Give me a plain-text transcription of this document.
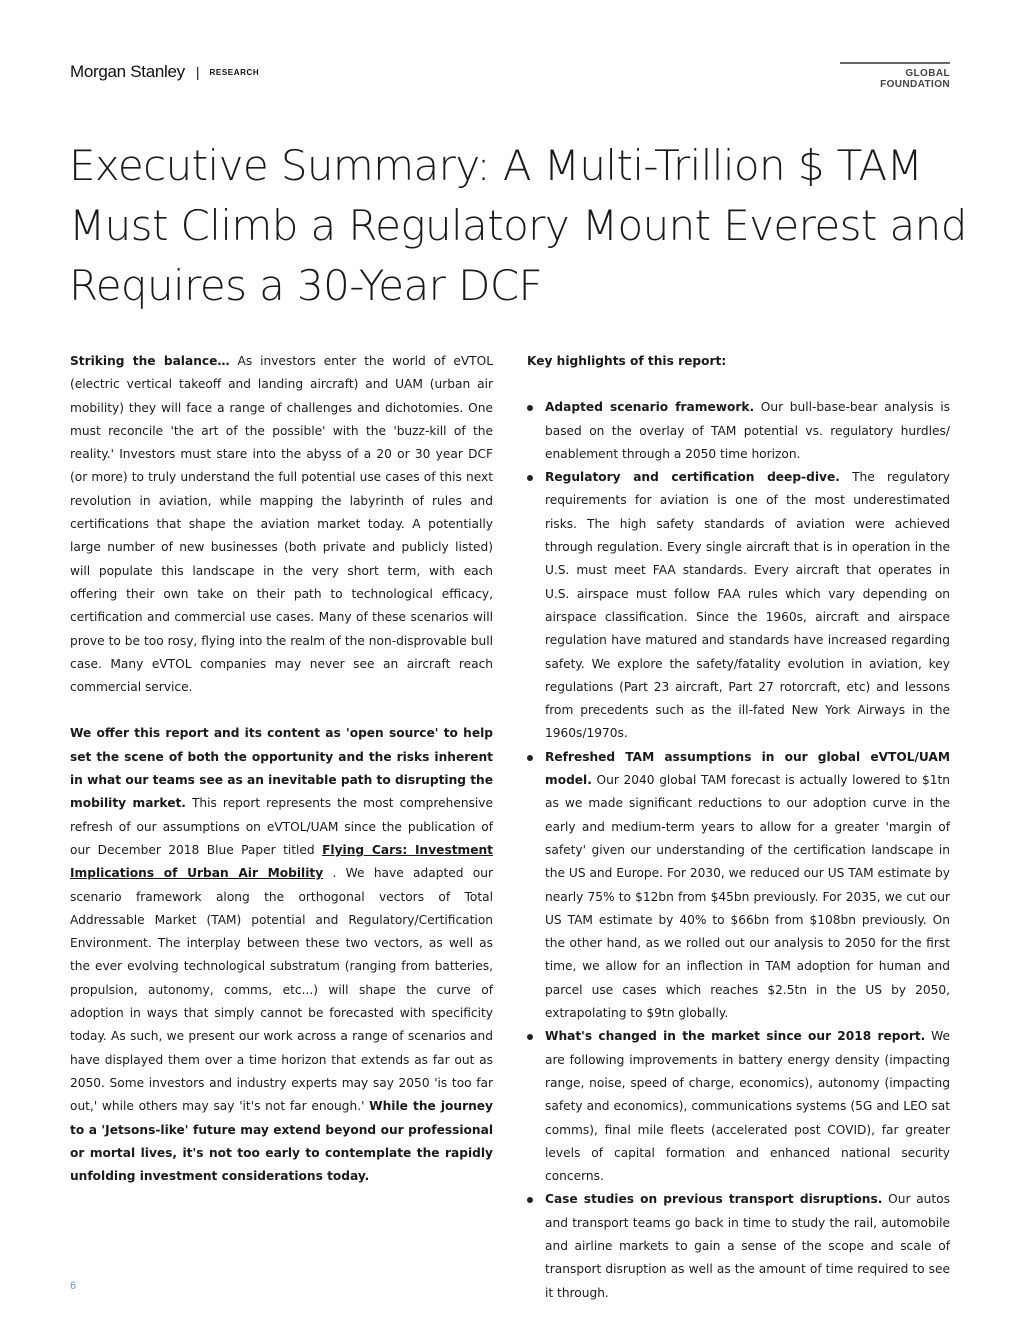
Morgan Stanley | RESEARCH	GLOBAL FOUNDATION
Executive Summary: A Multi-Trillion $ TAM
Must Climb a Regulatory Mount Everest and
Requires a 30-Year DCF

Striking the balance… As investors enter the world of eVTOL (electric vertical takeoff and landing aircraft) and UAM (urban air mobility) they will face a range of challenges and dichotomies. One must reconcile 'the art of the possible' with the 'buzz-kill of the reality.' Investors must stare into the abyss of a 20 or 30 year DCF (or more) to truly understand the full potential use cases of this next revolution in aviation, while mapping the labyrinth of rules and certifications that shape the aviation market today. A potentially large number of new businesses (both private and publicly listed) will populate this landscape in the very short term, with each offering their own take on their path to technological efficacy, certification and commercial use cases. Many of these scenarios will prove to be too rosy, flying into the realm of the non-disprovable bull case. Many eVTOL companies may never see an aircraft reach commercial service.

We offer this report and its content as 'open source' to help set the scene of both the opportunity and the risks inherent in what our teams see as an inevitable path to disrupting the mobility market. This report represents the most comprehensive refresh of our assumptions on eVTOL/UAM since the publication of our December 2018 Blue Paper titled Flying Cars: Investment Implications of Urban Air Mobility . We have adapted our scenario framework along the orthogonal vectors of Total Addressable Market (TAM) potential and Regulatory/Certification Environment. The interplay between these two vectors, as well as the ever evolving technological substratum (ranging from batteries, propulsion, autonomy, comms, etc...) will shape the curve of adoption in ways that simply cannot be forecasted with specificity today. As such, we present our work across a range of scenarios and have displayed them over a time horizon that extends as far out as 2050. Some investors and industry experts may say 2050 'is too far out,' while others may say 'it's not far enough.' While the journey to a 'Jetsons-like' future may extend beyond our professional or mortal lives, it's not too early to contemplate the rapidly unfolding investment considerations today.

Key highlights of this report:
Adapted scenario framework. Our bull-base-bear analysis is based on the overlay of TAM potential vs. regulatory hurdles/ enablement through a 2050 time horizon.
Regulatory and certification deep-dive. The regulatory requirements for aviation is one of the most underestimated risks. The high safety standards of aviation were achieved through regulation. Every single aircraft that is in operation in the U.S. must meet FAA standards. Every aircraft that operates in U.S. airspace must follow FAA rules which vary depending on airspace classification. Since the 1960s, aircraft and airspace regulation have matured and standards have increased regarding safety. We explore the safety/fatality evolution in aviation, key regulations (Part 23 aircraft, Part 27 rotorcraft, etc) and lessons from precedents such as the ill-fated New York Airways in the 1960s/1970s.
Refreshed TAM assumptions in our global eVTOL/UAM model. Our 2040 global TAM forecast is actually lowered to $1tn as we made significant reductions to our adoption curve in the early and medium-term years to allow for a greater 'margin of safety' given our understanding of the certification landscape in the US and Europe. For 2030, we reduced our US TAM estimate by nearly 75% to $12bn from $45bn previously. For 2035, we cut our US TAM estimate by 40% to $66bn from $108bn previously. On the other hand, as we rolled out our analysis to 2050 for the first time, we allow for an inflection in TAM adoption for human and parcel use cases which reaches $2.5tn in the US by 2050, extrapolating to $9tn globally.
What's changed in the market since our 2018 report. We are following improvements in battery energy density (impacting range, noise, speed of charge, economics), autonomy (impacting safety and economics), communications systems (5G and LEO sat comms), final mile fleets (accelerated post COVID), far greater levels of capital formation and enhanced national security concerns.
Case studies on previous transport disruptions. Our autos and transport teams go back in time to study the rail, automobile and airline markets to gain a sense of the scope and scale of transport disruption as well as the amount of time required to see it through.
6
